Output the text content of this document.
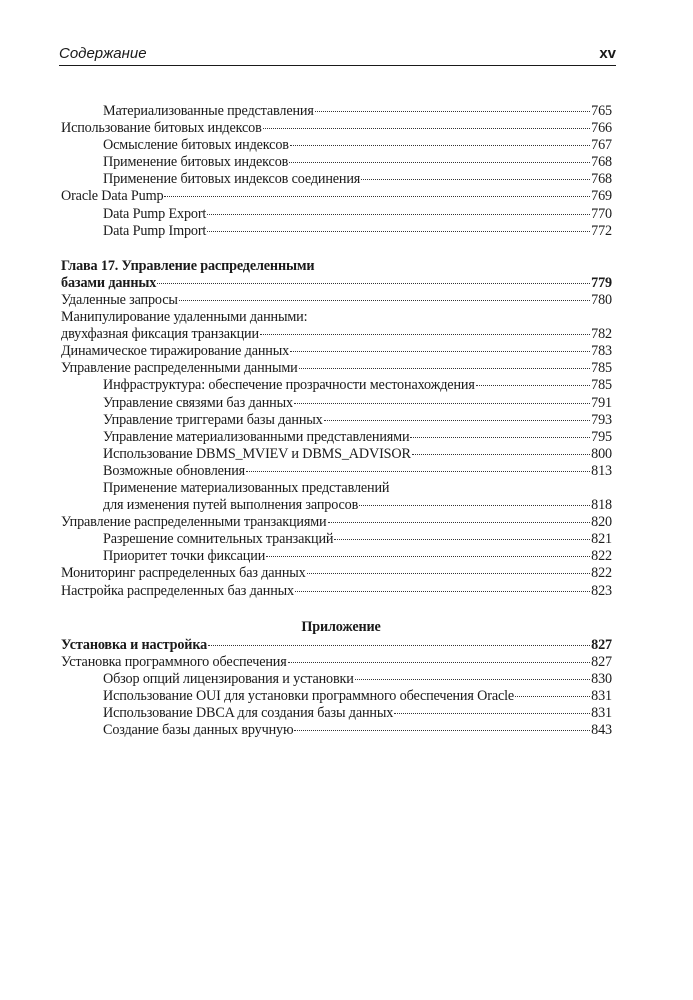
Содержание	xv
Материализованные представления	765
Использование битовых индексов	766
Осмысление битовых индексов	767
Применение битовых индексов	768
Применение битовых индексов соединения	768
Oracle Data Pump	769
Data Pump Export	770
Data Pump Import	772
Глава 17. Управление распределенными
базами данных	779
Удаленные запросы	780
Манипулирование удаленными данными:
двухфазная фиксация транзакции	782
Динамическое тиражирование данных	783
Управление распределенными данными	785
Инфраструктура: обеспечение прозрачности местонахождения	785
Управление связями баз данных	791
Управление триггерами базы данных	793
Управление материализованными представлениями	795
Использование DBMS_MVIEV и DBMS_ADVISOR	800
Возможные обновления	813
Применение материализованных представлений
для изменения путей выполнения запросов	818
Управление распределенными транзакциями	820
Разрешение сомнительных транзакций	821
Приоритет точки фиксации	822
Мониторинг распределенных баз данных	822
Настройка распределенных баз данных	823
Приложение
Установка и настройка	827
Установка программного обеспечения	827
Обзор опций лицензирования и установки	830
Использование OUI для установки программного обеспечения Oracle	831
Использование DBCA для создания базы данных	831
Создание базы данных вручную	843
